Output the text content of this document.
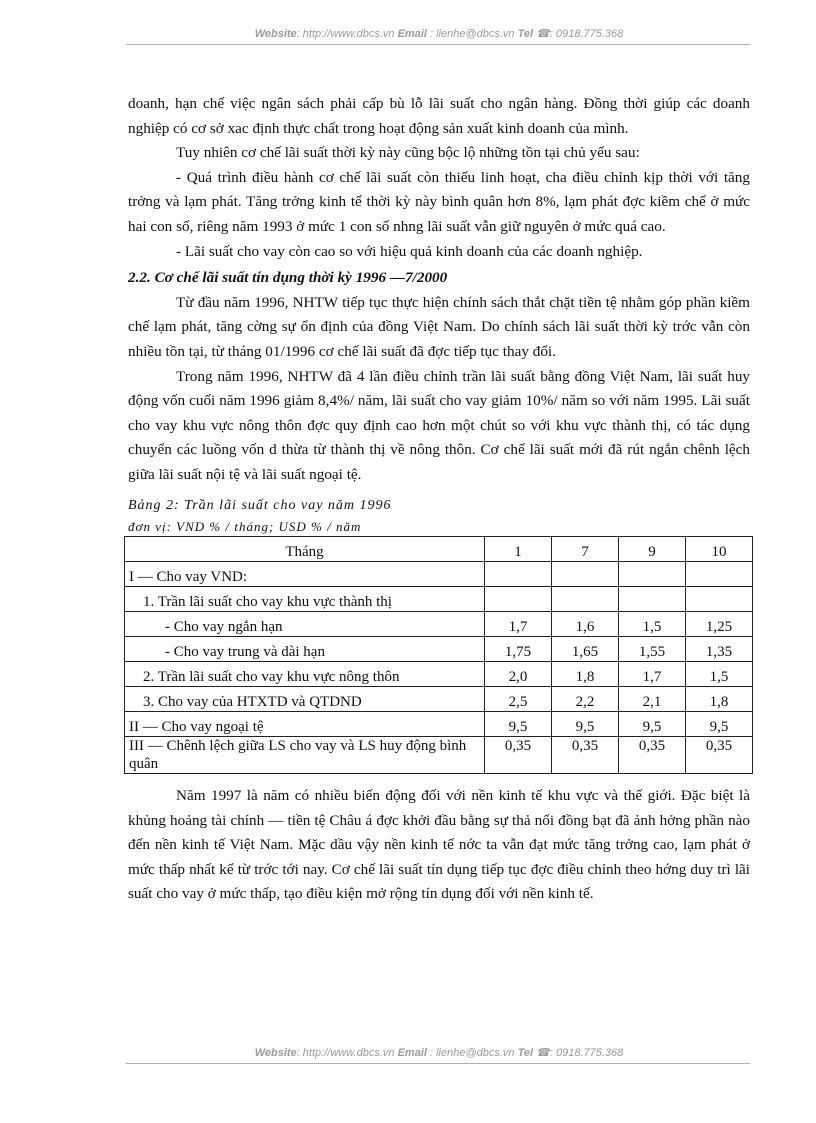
Website: http://www.dbcs.vn Email : lienhe@dbcs.vn Tel ☎: 0918.775.368

doanh, hạn chế việc ngân sách phải cấp bù lỗ lãi suất cho ngân hàng. Đồng thời giúp các doanh nghiệp có cơ sở xac định thực chất trong hoạt động sản xuất kinh doanh của mình.

Tuy nhiên cơ chế lãi suất thời kỳ này cũng bộc lộ những tồn tại chủ yếu sau:

- Quá trình điều hành cơ chế lãi suất còn thiếu linh hoạt, cha điều chỉnh kịp thời với tăng trởng và lạm phát. Tăng trởng kinh tế thời kỳ này bình quân hơn 8%, lạm phát đợc kiềm chế ở mức hai con số, riêng năm 1993 ở mức 1 con số nhng lãi suất vẫn giữ nguyên ở mức quá cao.

- Lãi suất cho vay còn cao so với hiệu quả kinh doanh của các doanh nghiệp.

2.2. Cơ chế lãi suất tín dụng thời kỳ 1996 —7/2000

Từ đầu năm 1996, NHTW tiếp tục thực hiện chính sách thắt chặt tiền tệ nhằm góp phần kiềm chế lạm phát, tăng cờng sự ổn định của đồng Việt Nam. Do chính sách lãi suất thời kỳ trớc vẫn còn nhiều tồn tại, từ tháng 01/1996 cơ chế lãi suất đã đợc tiếp tục thay đổi.

Trong năm 1996, NHTW đã 4 lần điều chỉnh trần lãi suất bằng đồng Việt Nam, lãi suất huy động vốn cuối năm 1996 giảm 8,4%/ năm, lãi suất cho vay giảm 10%/ năm so với năm 1995. Lãi suất cho vay khu vực nông thôn đợc quy định cao hơn một chút so với khu vực thành thị, có tác dụng chuyển các luồng vốn d thừa từ thành thị về nông thôn. Cơ chế lãi suất mới đã rút ngắn chênh lệch giữa lãi suất nội tệ và lãi suất ngoại tệ.

Bảng 2: Trần lãi suất cho vay năm 1996

đơn vị: VND % / tháng; USD % / năm

Tháng	1	7	9	10
I — Cho vay VND:				
1. Trần lãi suất cho vay khu vực thành thị				
- Cho vay ngắn hạn	1,7	1,6	1,5	1,25
- Cho vay trung và dài hạn	1,75	1,65	1,55	1,35
2. Trần lãi suất cho vay khu vực nông thôn	2,0	1,8	1,7	1,5
3. Cho vay của HTXTD và QTDND	2,5	2,2	2,1	1,8
II — Cho vay ngoại tệ	9,5	9,5	9,5	9,5
III — Chênh lệch giữa LS cho vay và LS huy động bình quân	0,35	0,35	0,35	0,35

Năm 1997 là năm có nhiều biến động đối với nền kinh tế khu vực và thế giới. Đặc biệt là khủng hoảng tài chính — tiền tệ Châu á đợc khởi đầu bằng sự thả nổi đồng bạt đã ảnh hởng phần nào đến nền kinh tế Việt Nam. Mặc dầu vậy nền kinh tế nớc ta vẫn đạt mức tăng trởng cao, lạm phát ở mức thấp nhất kể từ trớc tới nay. Cơ chế lãi suất tín dụng tiếp tục đợc điều chỉnh theo hớng duy trì lãi suất cho vay ở mức thấp, tạo điều kiện mở rộng tín dụng đối với nền kinh tế.

Website: http://www.dbcs.vn Email : lienhe@dbcs.vn Tel ☎: 0918.775.368
